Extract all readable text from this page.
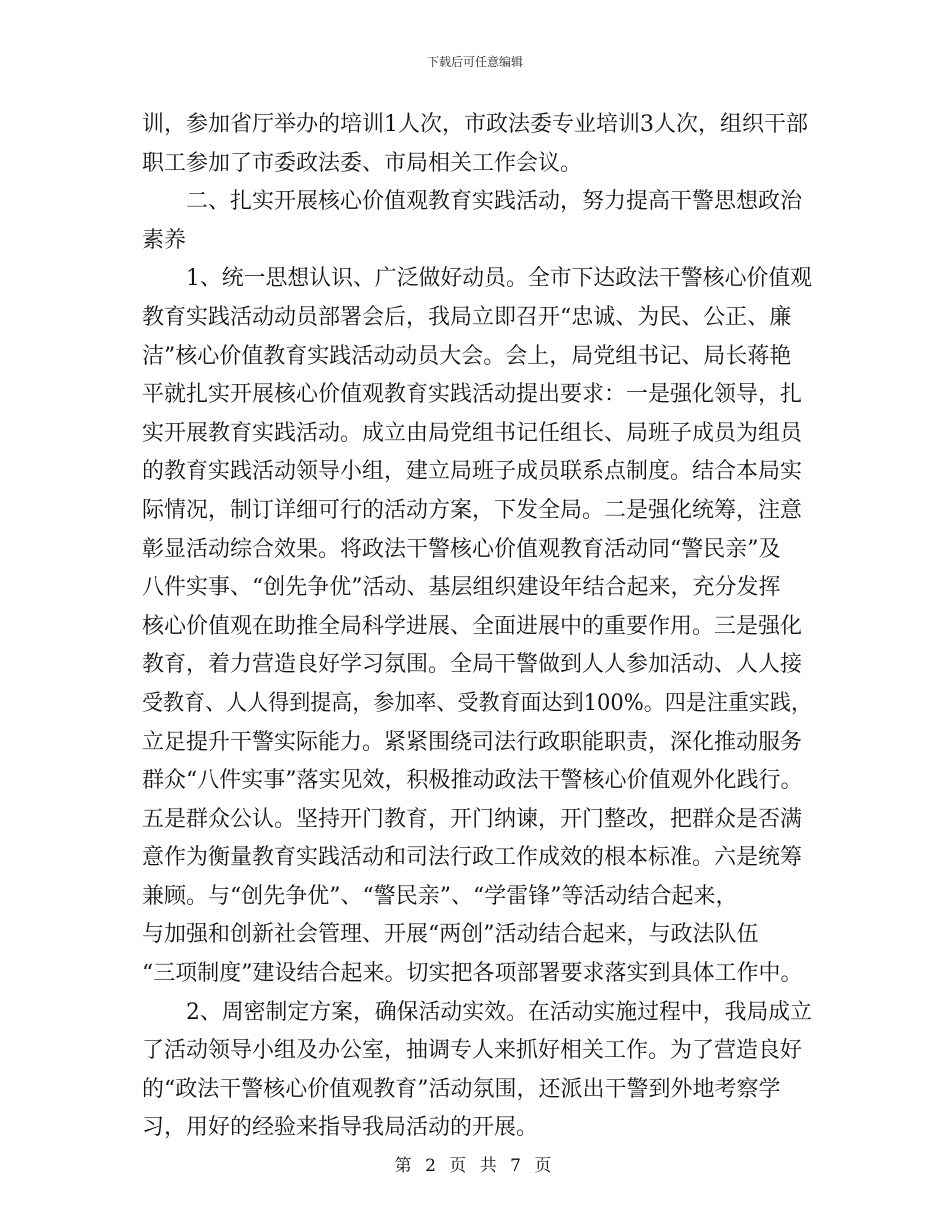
下载后可任意编辑
训，参加省厅举办的培训1人次，市政法委专业培训3人次，组织干部
职工参加了市委政法委、市局相关工作会议。
二、扎实开展核心价值观教育实践活动，努力提高干警思想政治
素养
1、统一思想认识、广泛做好动员。全市下达政法干警核心价值观
教育实践活动动员部署会后，我局立即召开“忠诚、为民、公正、廉
洁”核心价值教育实践活动动员大会。会上，局党组书记、局长蒋艳
平就扎实开展核心价值观教育实践活动提出要求：一是强化领导，扎
实开展教育实践活动。成立由局党组书记任组长、局班子成员为组员
的教育实践活动领导小组，建立局班子成员联系点制度。结合本局实
际情况，制订详细可行的活动方案，下发全局。二是强化统筹，注意
彰显活动综合效果。将政法干警核心价值观教育活动同“警民亲”及
八件实事、“创先争优”活动、基层组织建设年结合起来，充分发挥
核心价值观在助推全局科学进展、全面进展中的重要作用。三是强化
教育，着力营造良好学习氛围。全局干警做到人人参加活动、人人接
受教育、人人得到提高，参加率、受教育面达到100%。四是注重实践，
立足提升干警实际能力。紧紧围绕司法行政职能职责，深化推动服务
群众“八件实事”落实见效，积极推动政法干警核心价值观外化践行。
五是群众公认。坚持开门教育，开门纳谏，开门整改，把群众是否满
意作为衡量教育实践活动和司法行政工作成效的根本标准。六是统筹
兼顾。与“创先争优”、“警民亲”、“学雷锋”等活动结合起来，
与加强和创新社会管理、开展“两创”活动结合起来，与政法队伍
“三项制度”建设结合起来。切实把各项部署要求落实到具体工作中。
2、周密制定方案，确保活动实效。在活动实施过程中，我局成立
了活动领导小组及办公室，抽调专人来抓好相关工作。为了营造良好
的“政法干警核心价值观教育”活动氛围，还派出干警到外地考察学
习，用好的经验来指导我局活动的开展。
第 2 页 共 7 页
